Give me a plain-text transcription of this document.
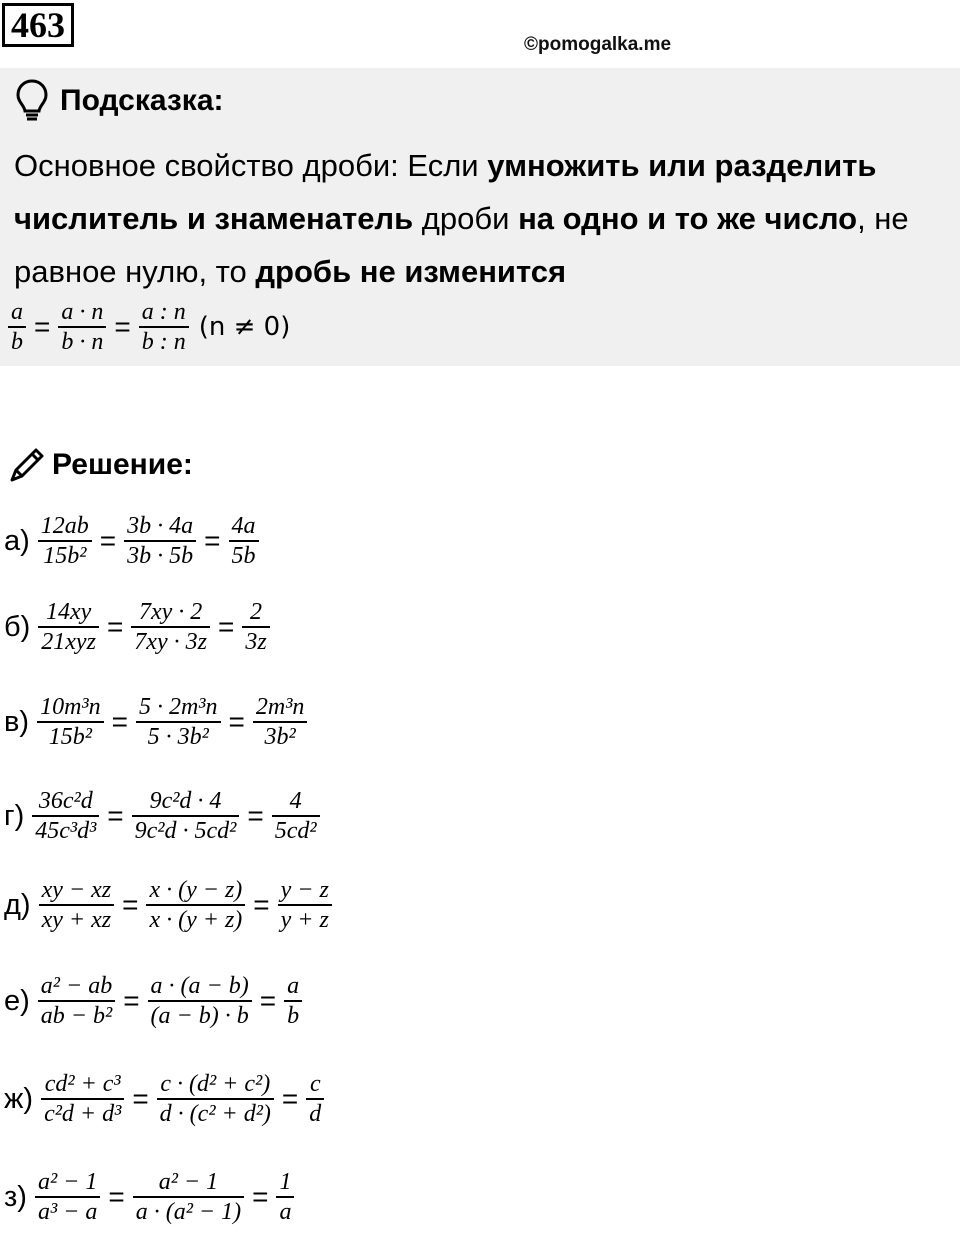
463	©pomogalka.me
Подсказка:
Основное свойство дроби: Если умножить или разделить
числитель и знаменатель дроби на одно и то же число, не
равное нулю, то дробь не изменится
$\frac{a}{b} = \frac{a \cdot n}{b \cdot n} = \frac{a : n}{b : n} (n \ne 0)$
Решение:
$а) \frac{12ab}{\text{15b²}} = \frac{3b \cdot 4a}{3b \cdot 5b} = \frac{4a}{5b}$
$б) \frac{14xy}{\text{21xyz}} = \frac{7xy \cdot 2}{7xy \cdot 3z} = \frac{2}{3z}$
$в) \frac{\text{10m³n}}{\text{15b²}} = \frac{\text{5 · 2m³n}}{\text{5 · 3b²}} = \frac{\text{2m³n}}{\text{3b²}}$
$г) \frac{\text{36c²d}}{\text{45c³d³}} = \frac{\text{9c²d · 4}}{\text{9c²d · 5cd²}} = \frac{4}{\text{5cd²}}$
$д) \frac{xy - xz}{xy + xz} = \frac{x \cdot (y - z)}{x \cdot (y + z)} = \frac{y - z}{y + z}$
$е) \frac{\text{a² − ab}}{\text{ab − b²}} = \frac{a \cdot (a - b)}{(a - b) \cdot b} = \frac{a}{b}$
$ж) \frac{\text{cd² + c³}}{\text{c²d + d³}} = \frac{\text{c · (d² + c²)}}{\text{d · (c² + d²)}} = \frac{c}{d}$
$з) \frac{\text{a² − 1}}{\text{a³ − a}} = \frac{\text{a² − 1}}{\text{a · (a² − 1)}} = \frac{1}{a}$
